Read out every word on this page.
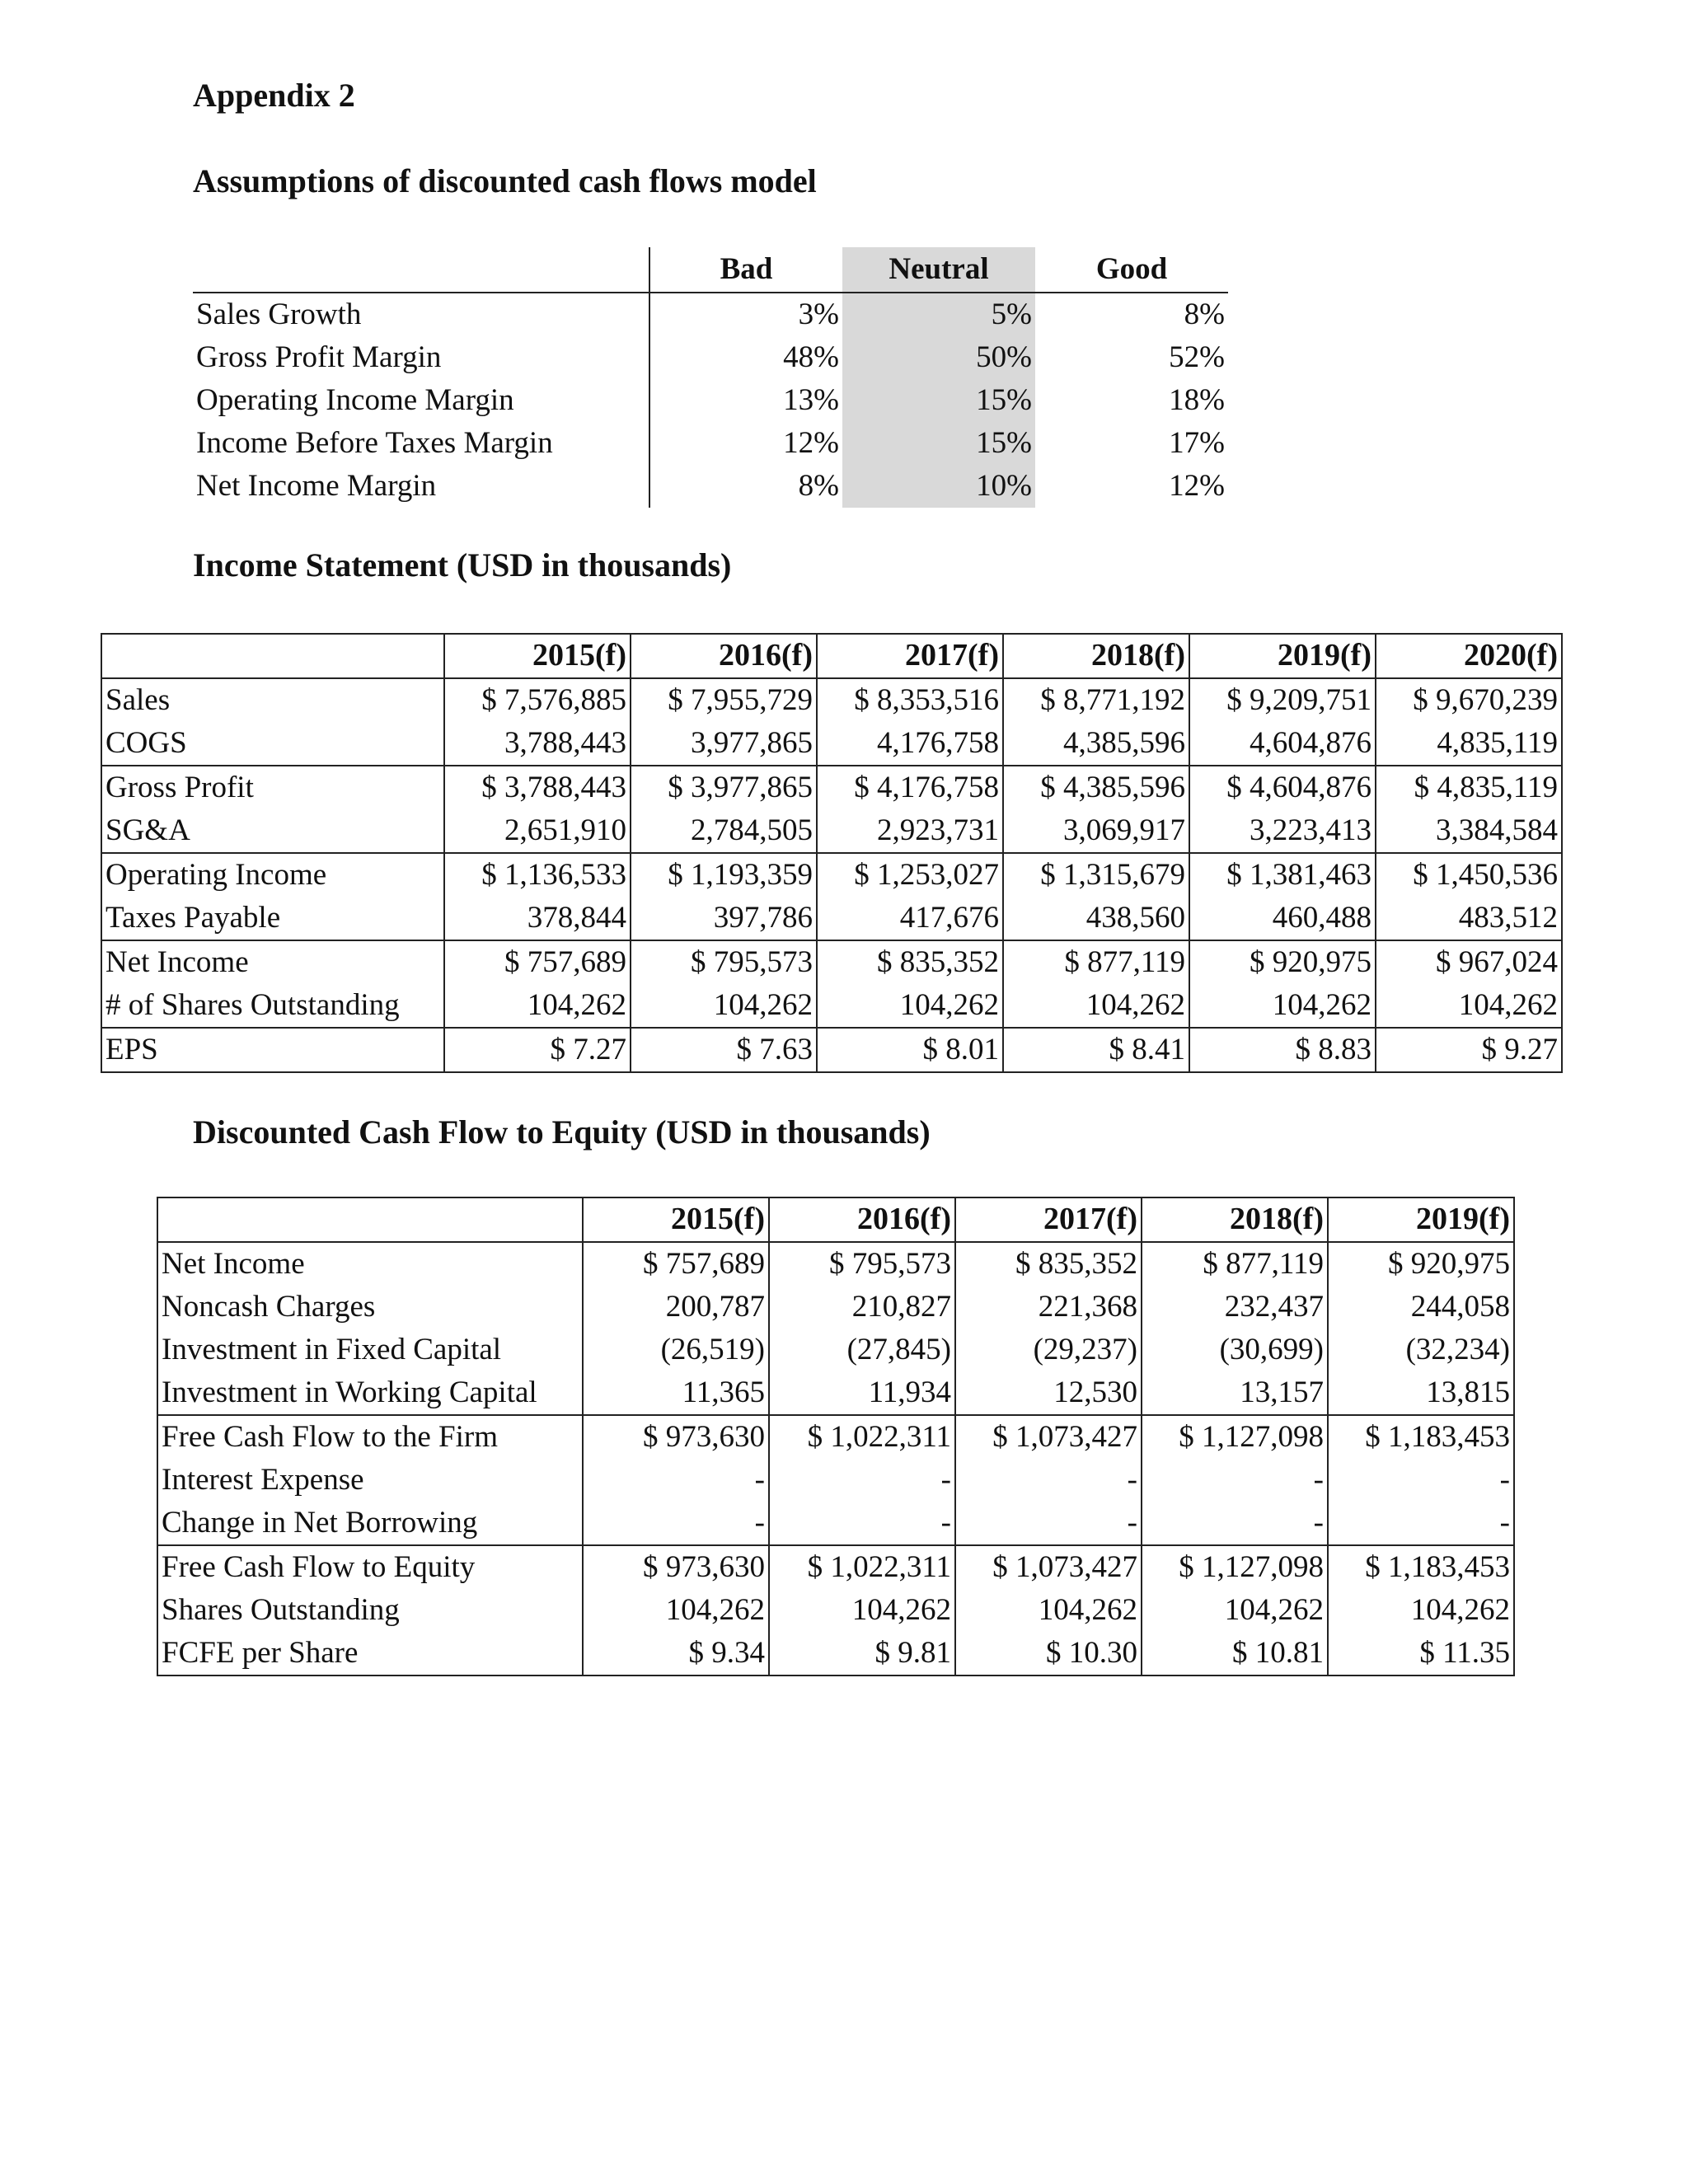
Appendix 2
Assumptions of discounted cash flows model
	Bad	Neutral	Good
Sales Growth	3%	5%	8%
Gross Profit Margin	48%	50%	52%
Operating Income Margin	13%	15%	18%
Income Before Taxes Margin	12%	15%	17%
Net Income Margin	8%	10%	12%
Income Statement (USD in thousands)
	2015(f)	2016(f)	2017(f)	2018(f)	2019(f)	2020(f)
Sales	$ 7,576,885	$ 7,955,729	$ 8,353,516	$ 8,771,192	$ 9,209,751	$ 9,670,239
COGS	3,788,443	3,977,865	4,176,758	4,385,596	4,604,876	4,835,119
Gross Profit	$ 3,788,443	$ 3,977,865	$ 4,176,758	$ 4,385,596	$ 4,604,876	$ 4,835,119
SG&A	2,651,910	2,784,505	2,923,731	3,069,917	3,223,413	3,384,584
Operating Income	$ 1,136,533	$ 1,193,359	$ 1,253,027	$ 1,315,679	$ 1,381,463	$ 1,450,536
Taxes Payable	378,844	397,786	417,676	438,560	460,488	483,512
Net Income	$ 757,689	$ 795,573	$ 835,352	$ 877,119	$ 920,975	$ 967,024
# of Shares Outstanding	104,262	104,262	104,262	104,262	104,262	104,262
EPS	$ 7.27	$ 7.63	$ 8.01	$ 8.41	$ 8.83	$ 9.27
Discounted Cash Flow to Equity (USD in thousands)
	2015(f)	2016(f)	2017(f)	2018(f)	2019(f)
Net Income	$ 757,689	$ 795,573	$ 835,352	$ 877,119	$ 920,975
Noncash Charges	200,787	210,827	221,368	232,437	244,058
Investment in Fixed Capital	(26,519)	(27,845)	(29,237)	(30,699)	(32,234)
Investment in Working Capital	11,365	11,934	12,530	13,157	13,815
Free Cash Flow to the Firm	$ 973,630	$ 1,022,311	$ 1,073,427	$ 1,127,098	$ 1,183,453
Interest Expense	-	-	-	-	-
Change in Net Borrowing	-	-	-	-	-
Free Cash Flow to Equity	$ 973,630	$ 1,022,311	$ 1,073,427	$ 1,127,098	$ 1,183,453
Shares Outstanding	104,262	104,262	104,262	104,262	104,262
FCFE per Share	$ 9.34	$ 9.81	$ 10.30	$ 10.81	$ 11.35
